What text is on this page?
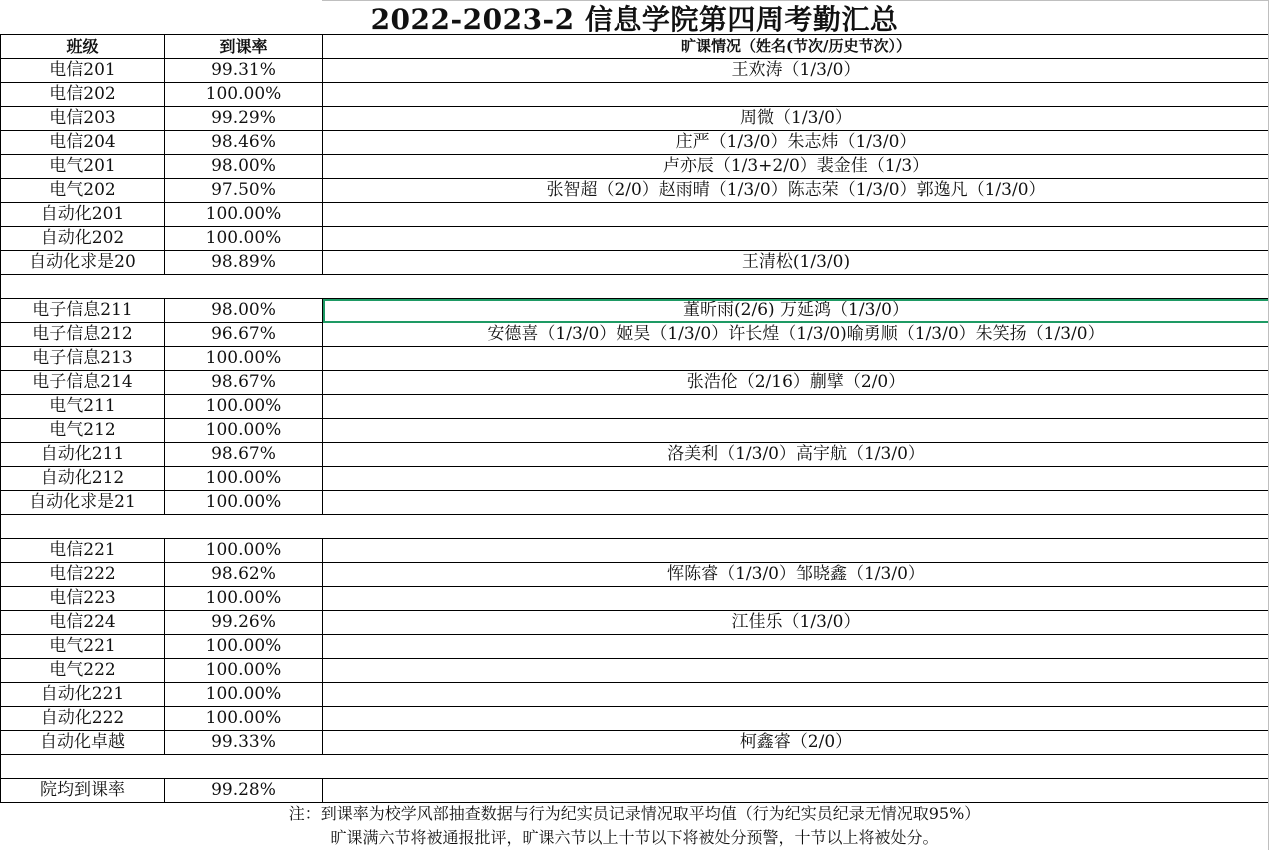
2022-2023-2 信息学院第四周考勤汇总
班级	到课率	旷课情况（姓名(节次/历史节次））
电信201	99.31%	王欢涛（1/3/0）
电信202	100.00%	
电信203	99.29%	周微（1/3/0）
电信204	98.46%	庄严（1/3/0）朱志炜（1/3/0）
电气201	98.00%	卢亦辰（1/3+2/0）裴金佳（1/3）
电气202	97.50%	张智超（2/0）赵雨晴（1/3/0）陈志荣（1/3/0）郭逸凡（1/3/0）
自动化201	100.00%	
自动化202	100.00%	
自动化求是20	98.89%	王清松(1/3/0)

电子信息211	98.00%	董昕雨(2/6) 万延鸿（1/3/0）
电子信息212	96.67%	安德喜（1/3/0）姬昊（1/3/0）许长煌（1/3/0)喻勇顺（1/3/0）朱笑扬（1/3/0）
电子信息213	100.00%	
电子信息214	98.67%	张浩伦（2/16）蒯擘（2/0）
电气211	100.00%	
电气212	100.00%	
自动化211	98.67%	洛美利（1/3/0）高宇航（1/3/0）
自动化212	100.00%	
自动化求是21	100.00%	

电信221	100.00%	
电信222	98.62%	恽陈睿（1/3/0）邹晓鑫（1/3/0）
电信223	100.00%	
电信224	99.26%	江佳乐（1/3/0）
电气221	100.00%	
电气222	100.00%	
自动化221	100.00%	
自动化222	100.00%	
自动化卓越	99.33%	柯鑫睿（2/0）

院均到课率	99.28%	
注：到课率为校学风部抽查数据与行为纪实员记录情况取平均值（行为纪实员纪录无情况取95%）
旷课满六节将被通报批评，旷课六节以上十节以下将被处分预警，十节以上将被处分。
